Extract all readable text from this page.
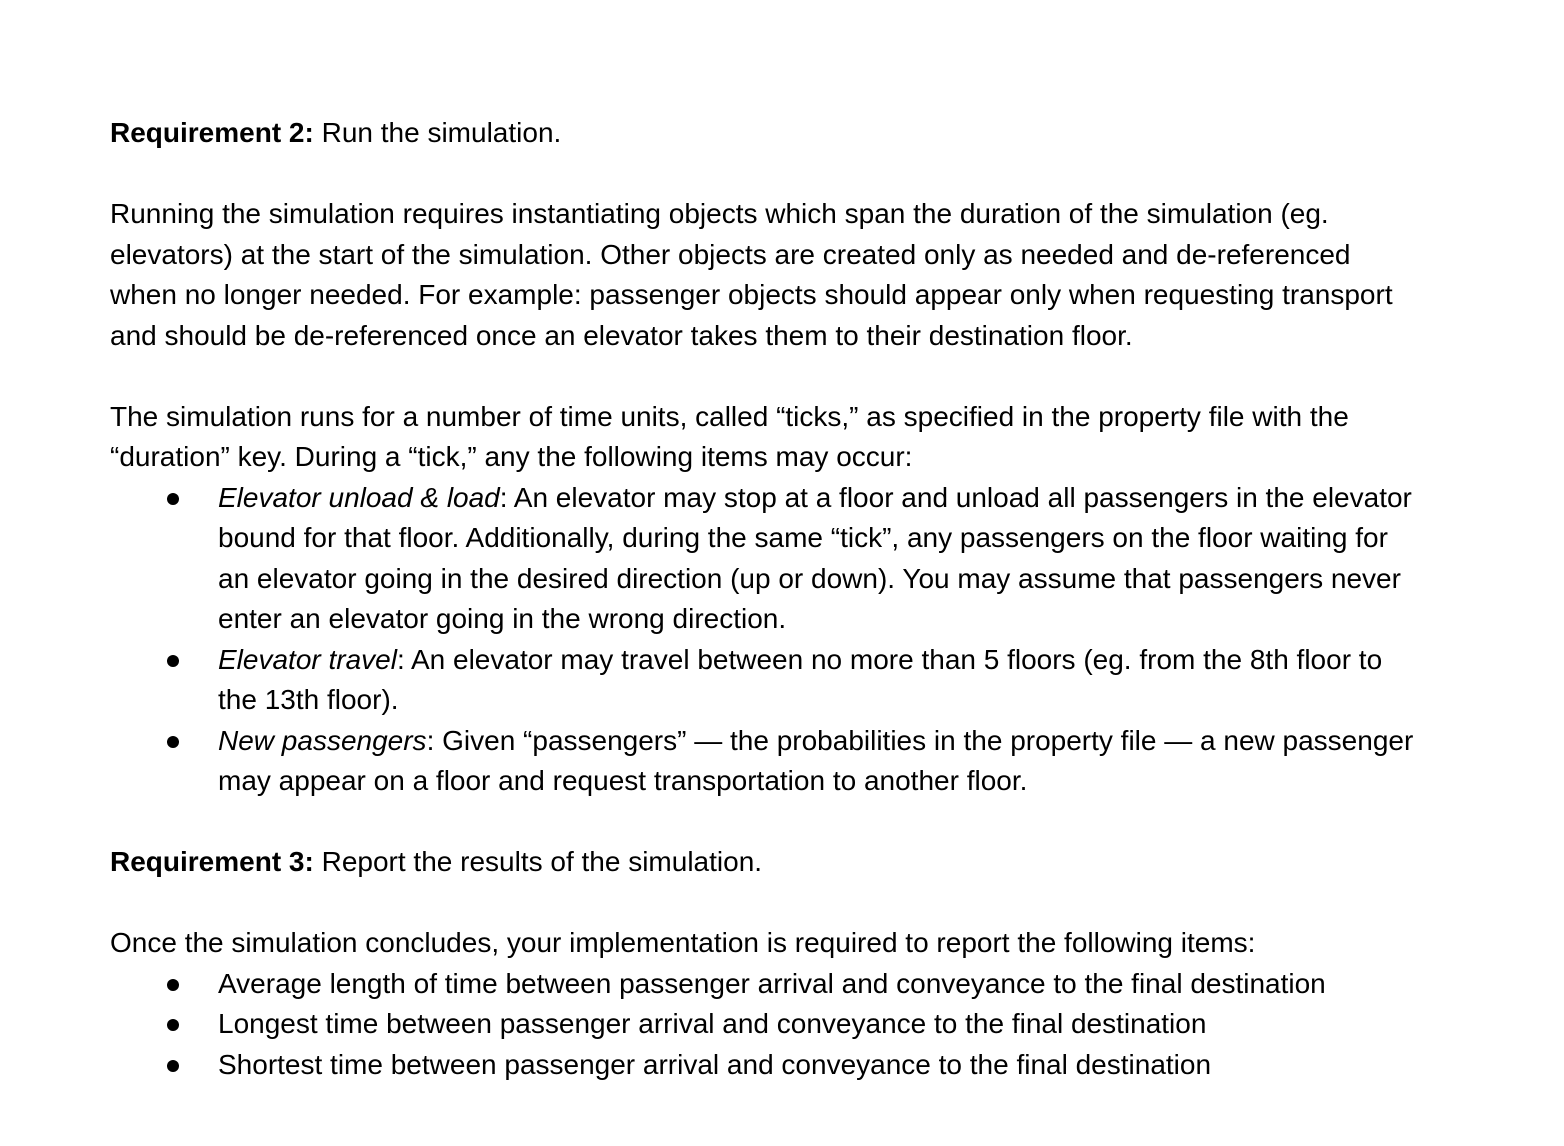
Requirement 2: Run the simulation.

Running the simulation requires instantiating objects which span the duration of the simulation (eg.
elevators) at the start of the simulation. Other objects are created only as needed and de-referenced
when no longer needed. For example: passenger objects should appear only when requesting transport
and should be de-referenced once an elevator takes them to their destination floor.

The simulation runs for a number of time units, called “ticks,” as specified in the property file with the
“duration” key. During a “tick,” any the following items may occur:

Elevator unload & load: An elevator may stop at a floor and unload all passengers in the elevator
bound for that floor. Additionally, during the same “tick”, any passengers on the floor waiting for
an elevator going in the desired direction (up or down). You may assume that passengers never
enter an elevator going in the wrong direction.
Elevator travel: An elevator may travel between no more than 5 floors (eg. from the 8th floor to
the 13th floor).
New passengers: Given “passengers” — the probabilities in the property file — a new passenger
may appear on a floor and request transportation to another floor.

Requirement 3: Report the results of the simulation.

Once the simulation concludes, your implementation is required to report the following items:

Average length of time between passenger arrival and conveyance to the final destination
Longest time between passenger arrival and conveyance to the final destination
Shortest time between passenger arrival and conveyance to the final destination
